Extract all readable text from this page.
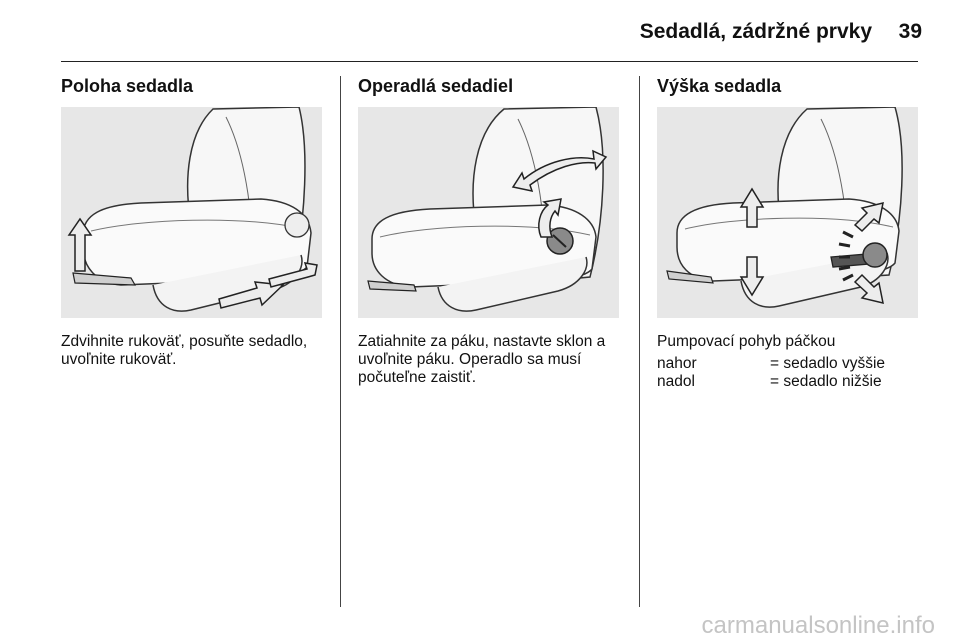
Sedadlá, zádržné prvky 39
Poloha sedadla

Zdvihnite rukoväť, posuňte sedadlo, uvoľnite rukoväť.

Operadlá sedadiel

Zatiahnite za páku, nastavte sklon a uvoľnite páku. Operadlo sa musí počuteľne zaistiť.

Výška sedadla

Pumpovací pohyb páčkou

nahor	= sedadlo vyššie
nadol	= sedadlo nižšie
carmanualsonline.info
